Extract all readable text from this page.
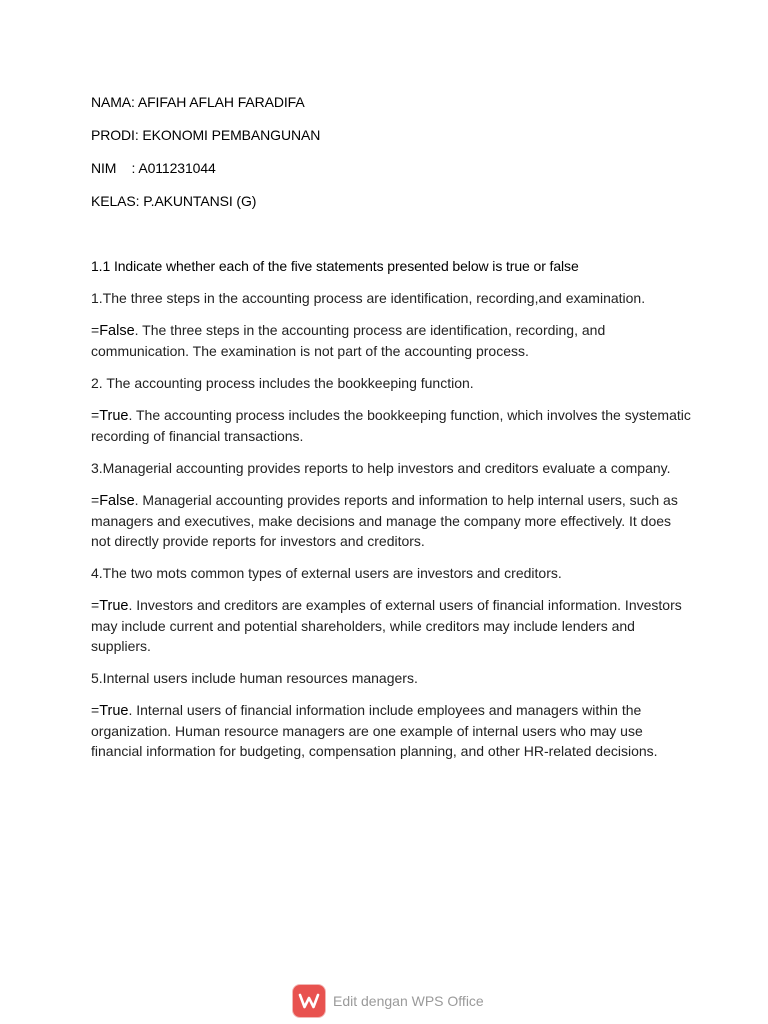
NAMA: AFIFAH AFLAH FARADIFA
PRODI: EKONOMI PEMBANGUNAN
NIM    : A011231044
KELAS: P.AKUNTANSI (G)
1.1 Indicate whether each of the five statements presented below is true or false
1.The three steps in the accounting process are identification, recording,and examination.
=False. The three steps in the accounting process are identification, recording, and communication. The examination is not part of the accounting process.
2. The accounting process includes the bookkeeping function.
=True. The accounting process includes the bookkeeping function, which involves the systematic recording of financial transactions.
3.Managerial accounting provides reports to help investors and creditors evaluate a company.
=False. Managerial accounting provides reports and information to help internal users, such as managers and executives, make decisions and manage the company more effectively. It does not directly provide reports for investors and creditors.
4.The two mots common types of external users are investors and creditors.
=True. Investors and creditors are examples of external users of financial information. Investors may include current and potential shareholders, while creditors may include lenders and suppliers.
5.Internal users include human resources managers.
=True. Internal users of financial information include employees and managers within the organization. Human resource managers are one example of internal users who may use financial information for budgeting, compensation planning, and other HR-related decisions.
Edit dengan WPS Office
